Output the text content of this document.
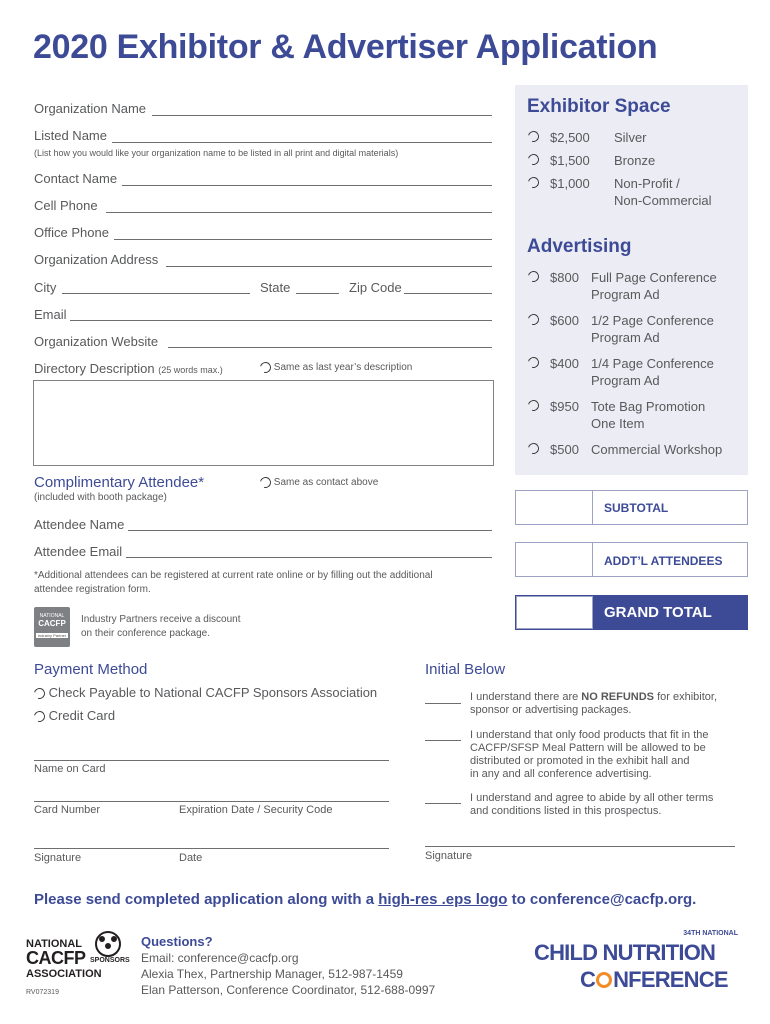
2020 Exhibitor & Advertiser Application
Organization Name
Listed Name
(List how you would like your organization name to be listed in all print and digital materials)
Contact Name
Cell Phone
Office Phone
Organization Address
City	State	Zip Code
Email
Organization Website
Directory Description (25 words max.)	Same as last year’s description
Complimentary Attendee*	Same as contact above
(included with booth package)
Attendee Name
Attendee Email
*Additional attendees can be registered at current rate online or by filling out the additional
attendee registration form.
NATIONAL
CACFP
Industry Partner
Industry Partners receive a discount
on their conference package.
Exhibitor Space
$2,500 Silver
$1,500 Bronze
$1,000 Non-Profit /
Non-Commercial
Advertising
$800 Full Page Conference
Program Ad
$600 1/2 Page Conference
Program Ad
$400 1/4 Page Conference
Program Ad
$950 Tote Bag Promotion
One Item
$500 Commercial Workshop
SUBTOTAL
ADDT’L ATTENDEES
GRAND TOTAL
Payment Method
Check Payable to National CACFP Sponsors Association
Credit Card
Name on Card
Card Number	Expiration Date / Security Code
Signature	Date
Initial Below
I understand there are NO REFUNDS for exhibitor,
sponsor or advertising packages.
I understand that only food products that fit in the
CACFP/SFSP Meal Pattern will be allowed to be
distributed or promoted in the exhibit hall and
in any and all conference advertising.
I understand and agree to abide by all other terms
and conditions listed in this prospectus.
Signature
Please send completed application along with a high-res .eps logo to conference@cacfp.org.
NATIONAL
CACFP SPONSORS
ASSOCIATION
RV072319
Questions?
Email: conference@cacfp.org
Alexia Thex, Partnership Manager, 512-987-1459
Elan Patterson, Conference Coordinator, 512-688-0997
34TH NATIONAL
CHILD NUTRITION
C NFERENCE
